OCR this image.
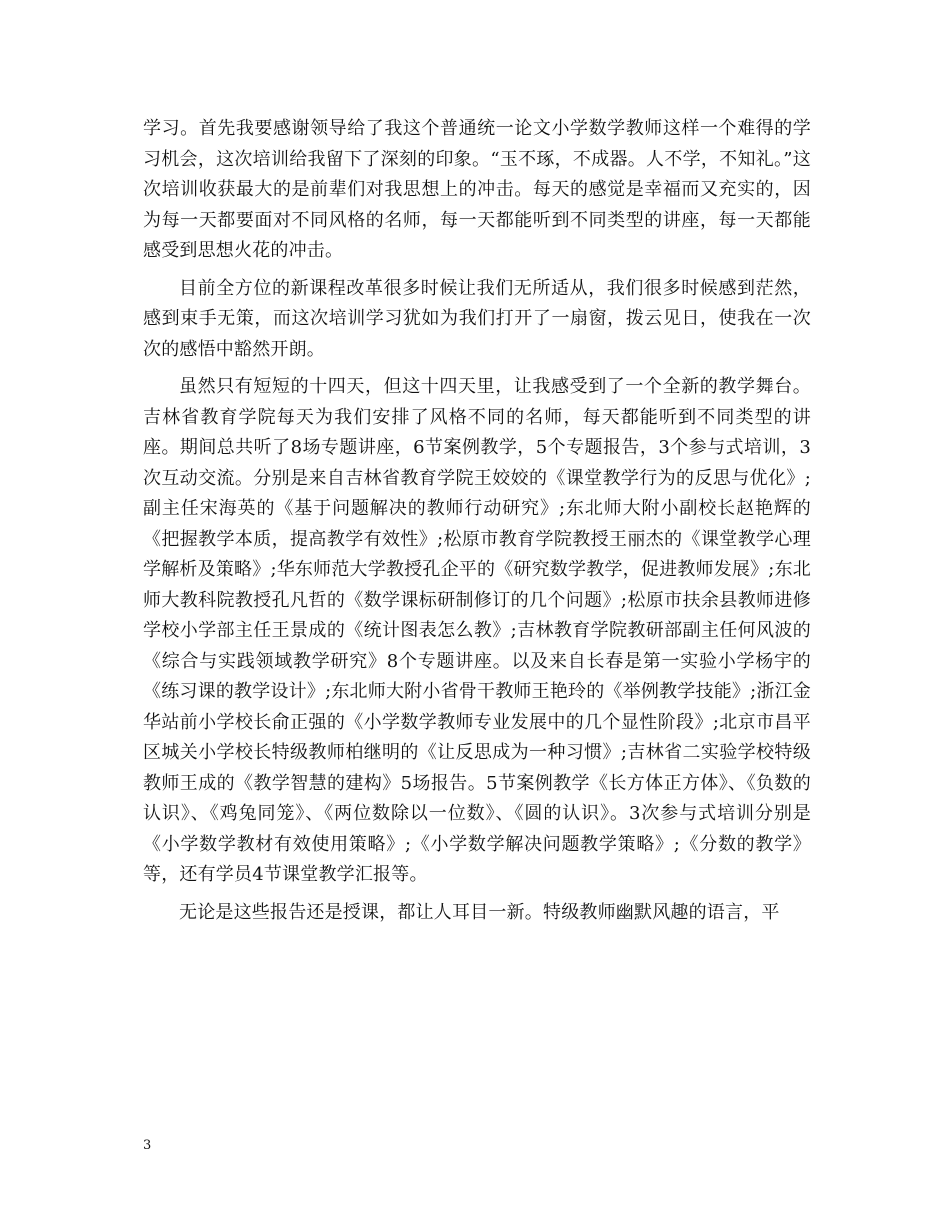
学习。首先我要感谢领导给了我这个普通统一论文小学数学教师这样一个难得的学习机会，这次培训给我留下了深刻的印象。“玉不琢，不成器。人不学，不知礼。”这次培训收获最大的是前辈们对我思想上的冲击。每天的感觉是幸福而又充实的，因为每一天都要面对不同风格的名师，每一天都能听到不同类型的讲座，每一天都能感受到思想火花的冲击。

目前全方位的新课程改革很多时候让我们无所适从，我们很多时候感到茫然，感到束手无策，而这次培训学习犹如为我们打开了一扇窗，拨云见日，使我在一次次的感悟中豁然开朗。

虽然只有短短的十四天，但这十四天里，让我感受到了一个全新的教学舞台。吉林省教育学院每天为我们安排了风格不同的名师，每天都能听到不同类型的讲座。期间总共听了8场专题讲座，6节案例教学，5个专题报告，3个参与式培训，3次互动交流。分别是来自吉林省教育学院王姣姣的《课堂教学行为的反思与优化》;副主任宋海英的《基于问题解决的教师行动研究》;东北师大附小副校长赵艳辉的《把握教学本质，提高教学有效性》;松原市教育学院教授王丽杰的《课堂教学心理学解析及策略》;华东师范大学教授孔企平的《研究数学教学，促进教师发展》;东北师大教科院教授孔凡哲的《数学课标研制修订的几个问题》;松原市扶余县教师进修学校小学部主任王景成的《统计图表怎么教》;吉林教育学院教研部副主任何风波的《综合与实践领域教学研究》8个专题讲座。以及来自长春是第一实验小学杨宇的《练习课的教学设计》;东北师大附小省骨干教师王艳玲的《举例教学技能》;浙江金华站前小学校长俞正强的《小学数学教师专业发展中的几个显性阶段》;北京市昌平区城关小学校长特级教师柏继明的《让反思成为一种习惯》;吉林省二实验学校特级教师王成的《教学智慧的建构》5场报告。5节案例教学《长方体正方体》、《负数的认识》、《鸡兔同笼》、《两位数除以一位数》、《圆的认识》。3次参与式培训分别是《小学数学教材有效使用策略》;《小学数学解决问题教学策略》;《分数的教学》等，还有学员4节课堂教学汇报等。

无论是这些报告还是授课，都让人耳目一新。特级教师幽默风趣的语言，平

3
